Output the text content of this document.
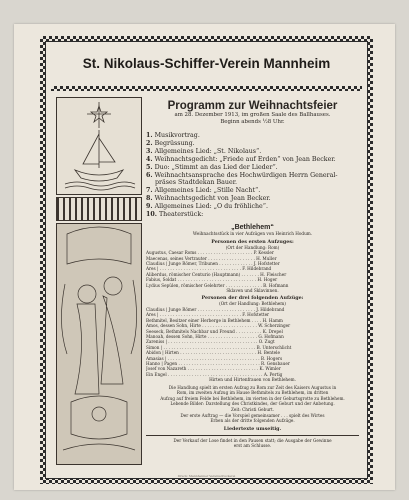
St. Nikolaus-Schiffer-Verein Mannheim
Programm zur Weihnachtsfeier
am 28. Dezember 1913, im großen Saale des Ballhauses.
Beginn abends ½8 Uhr.
1. Musikvortrag.
2. Begrüssung.
3. Allgemeines Lied: „St. Nikolaus“.
4. Weihnachtsgedicht: „Friede auf Erden“ von Jean Becker.
5. Duo: „Stimmt an das Lied der Lieder“.
6. Weihnachtsansprache des Hochwürdigen Herrn General-
präses Stadtdekan Bauer.
7. Allgemeines Lied: „Stille Nacht“.
8. Weihnachtsgedicht von Jean Becker.
9. Allgemeines Lied: „O du fröhliche“.
10. Theaterstück:
„Bethlehem“
Weihnachtsstück in vier Aufzügen von Heinrich Hodum.
Personen des ersten Aufzuges:
(Ort der Handlung: Rom)
Augustus, Caesar Roms . . . . . . . . . . . . . . . . . . . . . P. Kessler
Maecenas, seines Vertrauter . . . . . . . . . . . . . . . . . . H. Muller
Claudius | Junge Römer, Tribunen . . . . . . . . . . . . . J. Hofstetter
Ares | . . . . . . . . . . . . . . . . . . . . . . . . . . . . . . . F. Hildebrand
Aliberdus, römischer Centurio (Hauptmann) . . . . . . . H. Fleischer
Fabius, Soldat . . . . . . . . . . . . . . . . . . . . . . . . . . . . . . H. Hoger
Lydius Sepülen, römischer Gelehrter . . . . . . . . . . . . . . B. Hofmann
Sklaven und Sklavinnen.
Personen der drei folgenden Aufzüge:
(Ort der Handlung: Bethlehem)
Claudius | Junge Römer . . . . . . . . . . . . . . . . . . . . . . J. Hildebrand
Ares | . . . . . . . . . . . . . . . . . . . . . . . . . . . . . . . F. Hofstetter
Bethmitel, Besitzer einer Herberge in Bethlehem . . . . H. Hamm
Amos, dessen Sohn, Hirte . . . . . . . . . . . . . . . . . . . . . W. Scherzinger
Seeseck, Bethmitels Nachbar und Freund . . . . . . . . . . K. Drepel
Manoah, dessen Sohn, Hirte . . . . . . . . . . . . . . . . . . . G. Hofmann
Zareniss | . . . . . . . . . . . . . . . . . . . . . . . . . . . . . . . . . . O. Zugt
Simon | . . . . . . . . . . . . . . . . . . . . . . . . . . . . . . . . . . . B. Unterschlicht
Abidon | Hirten . . . . . . . . . . . . . . . . . . . . . . . . . . . . . H. Bentele
Amasias | . . . . . . . . . . . . . . . . . . . . . . . . . . . . . . . . . . . B. Hogers
Hanno | Pagen . . . . . . . . . . . . . . . . . . . . . . . . . . . . . . . R. Gensbauer
Josef von Nazareth . . . . . . . . . . . . . . . . . . . . . . . . . . . K. Wimler
Ein Engel . . . . . . . . . . . . . . . . . . . . . . . . . . . . . . . . . . . . A. Pertig
Hirten und Hirtenfrauen von Bethlehem.
Die Handlung spielt im ersten Aufzug zu Rom zur Zeit des Kaisers Augustus in
Rom, im zweiten Aufzug im Hause Bethmitels zu Bethlehem, im dritten
Aufzug auf freiem Felde bei Bethlehem, im vierten in der Geburtsgrotte zu Bethlehem.
Lebende Bilder: Darstellung des Christkindes, der Geburt und der Anbetung.
Zeit: Christi Geburt.
Der erste Auftrag — die Vorspiel gemeinsamer . . . spielt des Wirtes
Erben als der dritte folgenden Aufzüge.
Liedertexte umseitig.
Der Verkauf der Lose findet in den Pausen statt; die Ausgabe der Gewinne
erst am Schlusse.
Druck: Mannheimer Vereinsdruckerei
